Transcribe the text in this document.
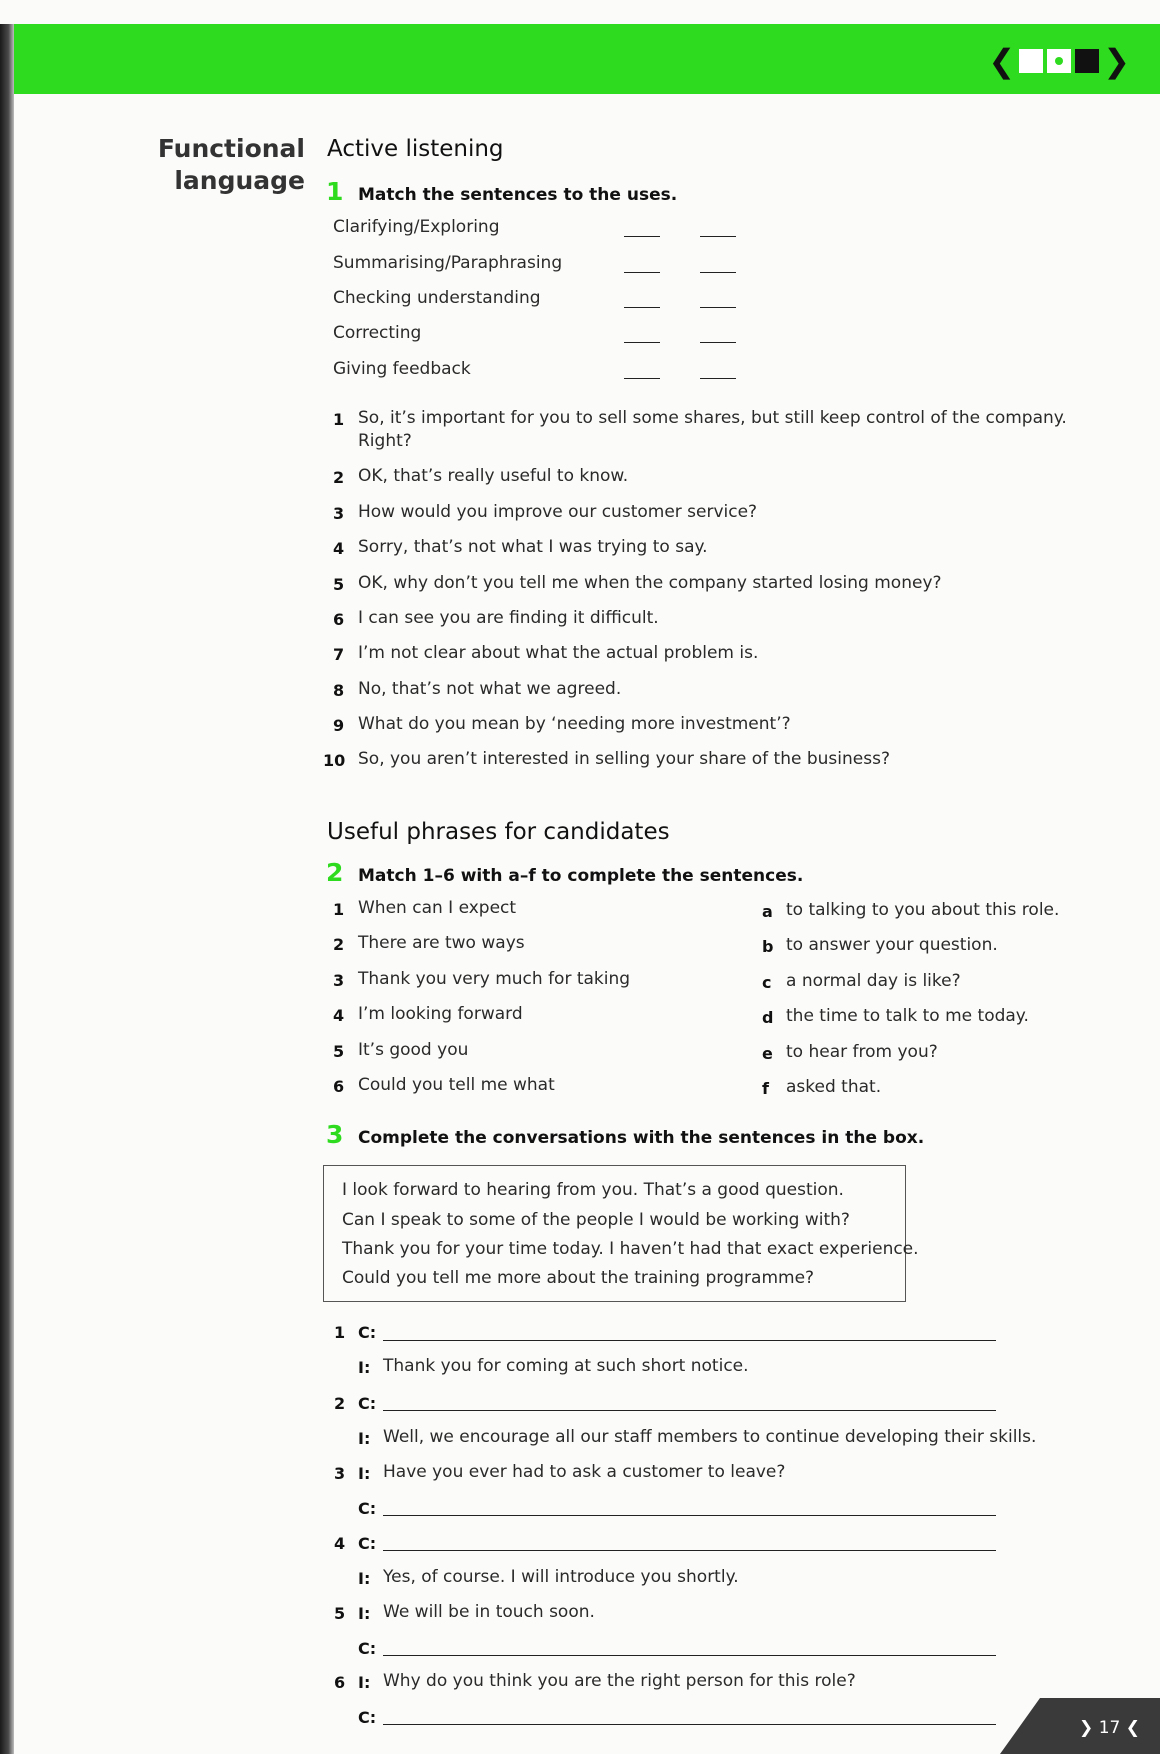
❮	❯
Functional
language
Active listening
1 Match the sentences to the uses.
Clarifying/Exploring
Summarising/Paraphrasing
Checking understanding
Correcting
Giving feedback
1 So, it’s important for you to sell some shares, but still keep control of the company.
Right?
2 OK, that’s really useful to know.
3 How would you improve our customer service?
4 Sorry, that’s not what I was trying to say.
5 OK, why don’t you tell me when the company started losing money?
6 I can see you are finding it difficult.
7 I’m not clear about what the actual problem is.
8 No, that’s not what we agreed.
9 What do you mean by ‘needing more investment’?
10 So, you aren’t interested in selling your share of the business?
Useful phrases for candidates
2 Match 1–6 with a–f to complete the sentences.
1 When can I expect
2 There are two ways
3 Thank you very much for taking
4 I’m looking forward
5 It’s good you
6 Could you tell me what
a to talking to you about this role.
b to answer your question.
c a normal day is like?
d the time to talk to me today.
e to hear from you?
f asked that.
3 Complete the conversations with the sentences in the box.
I look forward to hearing from you. That’s a good question.
Can I speak to some of the people I would be working with?
Thank you for your time today. I haven’t had that exact experience.
Could you tell me more about the training programme?
1 C:
I: Thank you for coming at such short notice.
2 C:
I: Well, we encourage all our staff members to continue developing their skills.
3 I: Have you ever had to ask a customer to leave?
C:
4 C:
I: Yes, of course. I will introduce you shortly.
5 I: We will be in touch soon.
C:
6 I: Why do you think you are the right person for this role?
C:
❯ 17 ❮
